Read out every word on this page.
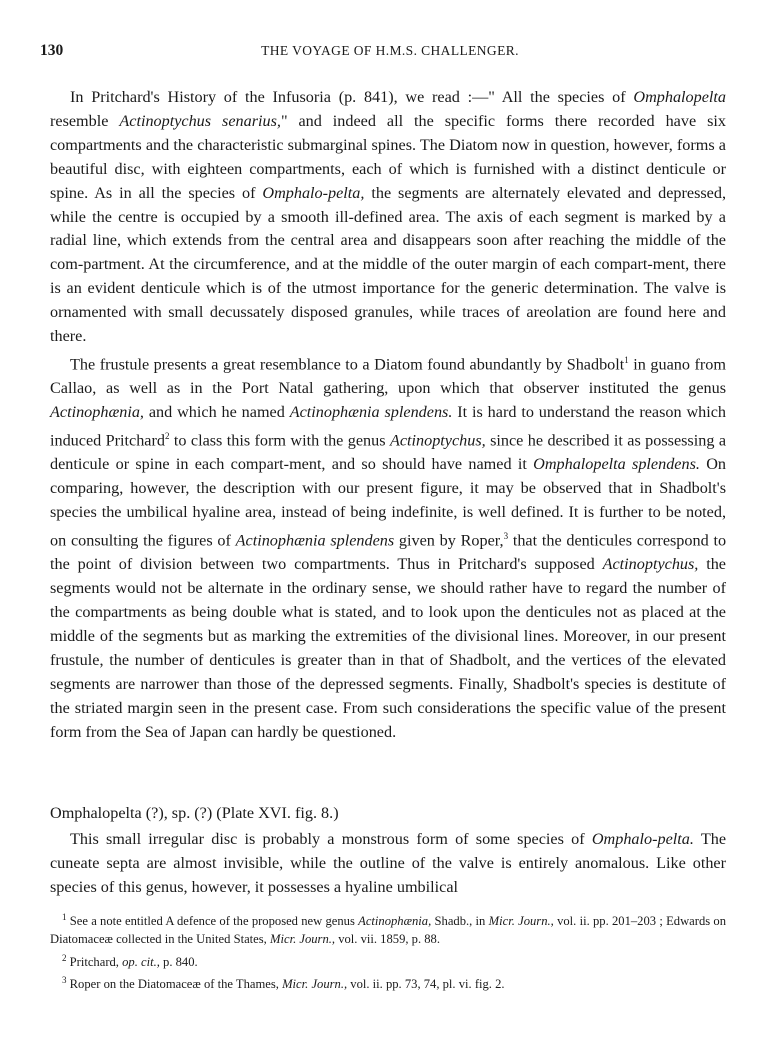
130	THE VOYAGE OF H.M.S. CHALLENGER.

In Pritchard's History of the Infusoria (p. 841), we read :—" All the species of Omphalopelta resemble Actinoptychus senarius," and indeed all the specific forms there recorded have six compartments and the characteristic submarginal spines. The Diatom now in question, however, forms a beautiful disc, with eighteen compartments, each of which is furnished with a distinct denticule or spine. As in all the species of Omphalo-pelta, the segments are alternately elevated and depressed, while the centre is occupied by a smooth ill-defined area. The axis of each segment is marked by a radial line, which extends from the central area and disappears soon after reaching the middle of the com-partment. At the circumference, and at the middle of the outer margin of each compart-ment, there is an evident denticule which is of the utmost importance for the generic determination. The valve is ornamented with small decussately disposed granules, while traces of areolation are found here and there.

The frustule presents a great resemblance to a Diatom found abundantly by Shadbolt$^1$ in guano from Callao, as well as in the Port Natal gathering, upon which that observer instituted the genus Actinophænia, and which he named Actinophænia splendens. It is hard to understand the reason which induced Pritchard$^2$ to class this form with the genus Actinoptychus, since he described it as possessing a denticule or spine in each compart-ment, and so should have named it Omphalopelta splendens. On comparing, however, the description with our present figure, it may be observed that in Shadbolt's species the umbilical hyaline area, instead of being indefinite, is well defined. It is further to be noted, on consulting the figures of Actinophænia splendens given by Roper,$^3$ that the denticules correspond to the point of division between two compartments. Thus in Pritchard's supposed Actinoptychus, the segments would not be alternate in the ordinary sense, we should rather have to regard the number of the compartments as being double what is stated, and to look upon the denticules not as placed at the middle of the segments but as marking the extremities of the divisional lines. Moreover, in our present frustule, the number of denticules is greater than in that of Shadbolt, and the vertices of the elevated segments are narrower than those of the depressed segments. Finally, Shadbolt's species is destitute of the striated margin seen in the present case. From such considerations the specific value of the present form from the Sea of Japan can hardly be questioned.

Omphalopelta (?), sp. (?) (Plate XVI. fig. 8.)

This small irregular disc is probably a monstrous form of some species of Omphalo-pelta. The cuneate septa are almost invisible, while the outline of the valve is entirely anomalous. Like other species of this genus, however, it possesses a hyaline umbilical

$^1$ See a note entitled A defence of the proposed new genus Actinophænia, Shadb., in Micr. Journ., vol. ii. pp. 201–203 ; Edwards on Diatomaceæ collected in the United States, Micr. Journ., vol. vii. 1859, p. 88.

$^2$ Pritchard, op. cit., p. 840.

$^3$ Roper on the Diatomaceæ of the Thames, Micr. Journ., vol. ii. pp. 73, 74, pl. vi. fig. 2.
